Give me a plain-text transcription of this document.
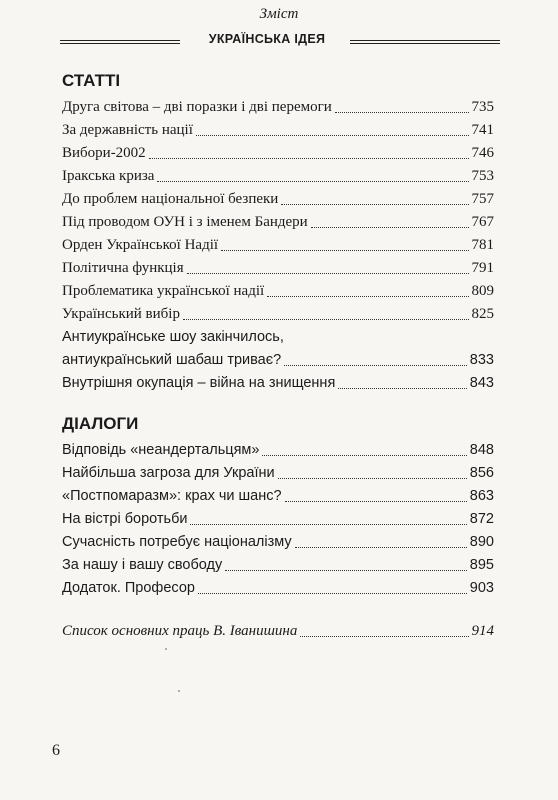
Зміст
УКРАЇНСЬКА ІДЕЯ
СТАТТІ
Друга світова – дві поразки і дві перемоги	735
За державність нації	741
Вибори-2002	746
Іракська криза	753
До проблем національної безпеки	757
Під проводом ОУН і з іменем Бандери	767
Орден Української Надії	781
Політична функція	791
Проблематика української надії	809
Український вибір	825
Антиукраїнське шоу закінчилось,
антиукраїнський шабаш триває?	833
Внутрішня окупація – війна на знищення	843
ДІАЛОГИ
Відповідь «неандертальцям»	848
Найбільша загроза для України	856
«Постпомаразм»: крах чи шанс?	863
На вістрі боротьби	872
Сучасність потребує націоналізму	890
За нашу і вашу свободу	895
Додаток. Професор	903
Список основних праць В. Іванишина	914
6
